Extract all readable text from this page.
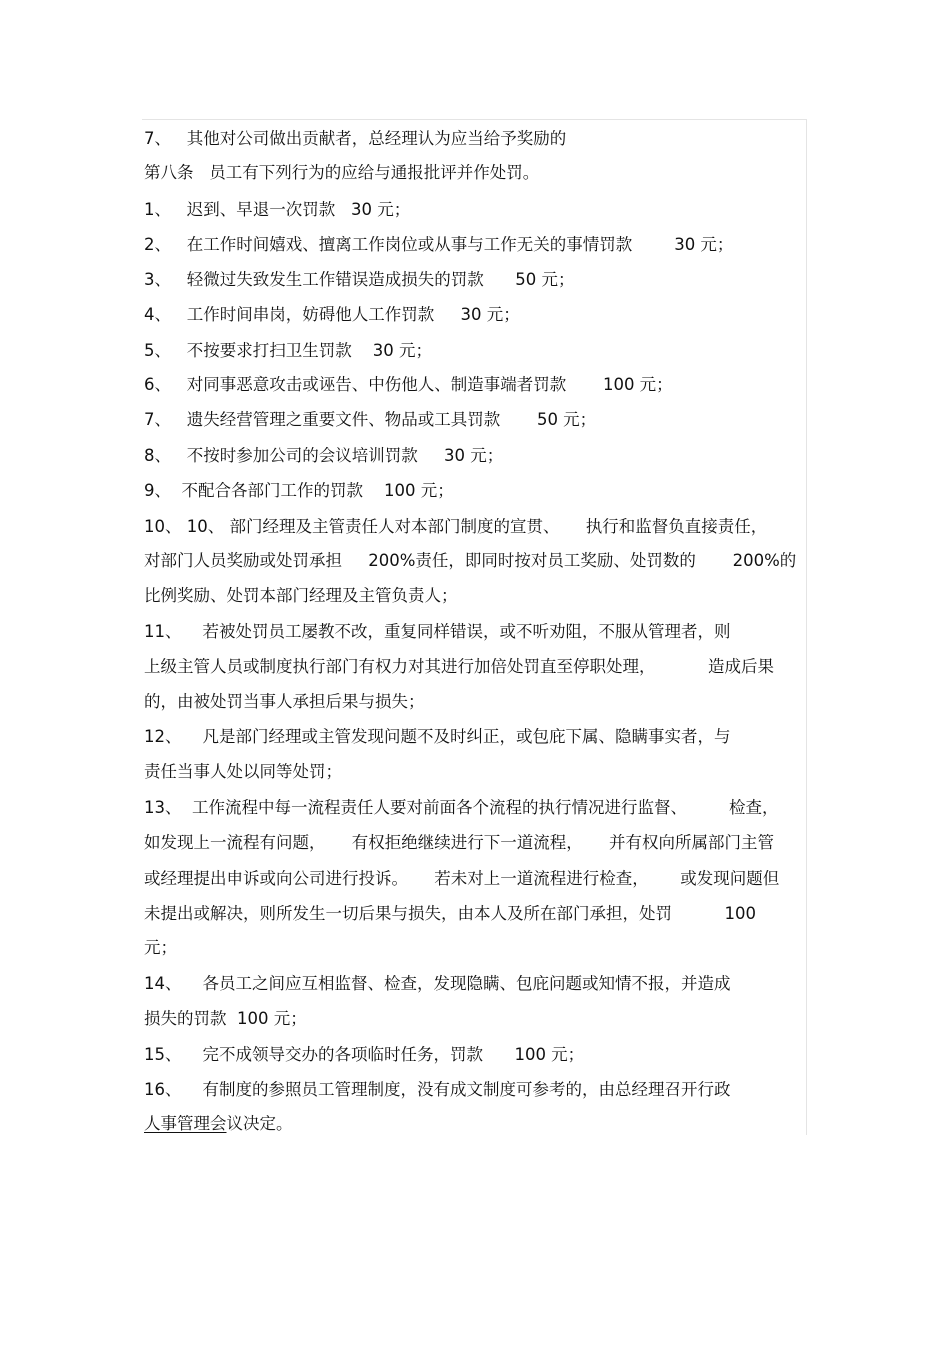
7、   其他对公司做出贡献者，总经理认为应当给予奖励的
第八条   员工有下列行为的应给与通报批评并作处罚。
1、   迟到、早退一次罚款   30 元；
2、   在工作时间嬉戏、擅离工作岗位或从事与工作无关的事情罚款        30 元；
3、   轻微过失致发生工作错误造成损失的罚款      50 元；
4、   工作时间串岗，妨碍他人工作罚款     30 元；
5、   不按要求打扫卫生罚款    30 元；
6、   对同事恶意攻击或诬告、中伤他人、制造事端者罚款       100 元；
7、   遗失经营管理之重要文件、物品或工具罚款       50 元；
8、   不按时参加公司的会议培训罚款     30 元；
9、  不配合各部门工作的罚款    100 元；
10、 10、 部门经理及主管责任人对本部门制度的宣贯、     执行和监督负直接责任，
对部门人员奖励或处罚承担     200%责任，即同时按对员工奖励、处罚数的       200%的
比例奖励、处罚本部门经理及主管负责人；
11、    若被处罚员工屡教不改，重复同样错误，或不听劝阻，不服从管理者，则
上级主管人员或制度执行部门有权力对其进行加倍处罚直至停职处理，          造成后果
的，由被处罚当事人承担后果与损失；
12、    凡是部门经理或主管发现问题不及时纠正，或包庇下属、隐瞒事实者，与
责任当事人处以同等处罚；
13、  工作流程中每一流程责任人要对前面各个流程的执行情况进行监督、        检查，
如发现上一流程有问题，     有权拒绝继续进行下一道流程，     并有权向所属部门主管
或经理提出申诉或向公司进行投诉。     若未对上一道流程进行检查，      或发现问题但
未提出或解决，则所发生一切后果与损失，由本人及所在部门承担，处罚          100
元；
14、    各员工之间应互相监督、检查，发现隐瞒、包庇问题或知情不报，并造成
损失的罚款  100 元；
15、    完不成领导交办的各项临时任务，罚款      100 元；
16、    有制度的参照员工管理制度，没有成文制度可参考的，由总经理召开行政
人事管理会议决定。
